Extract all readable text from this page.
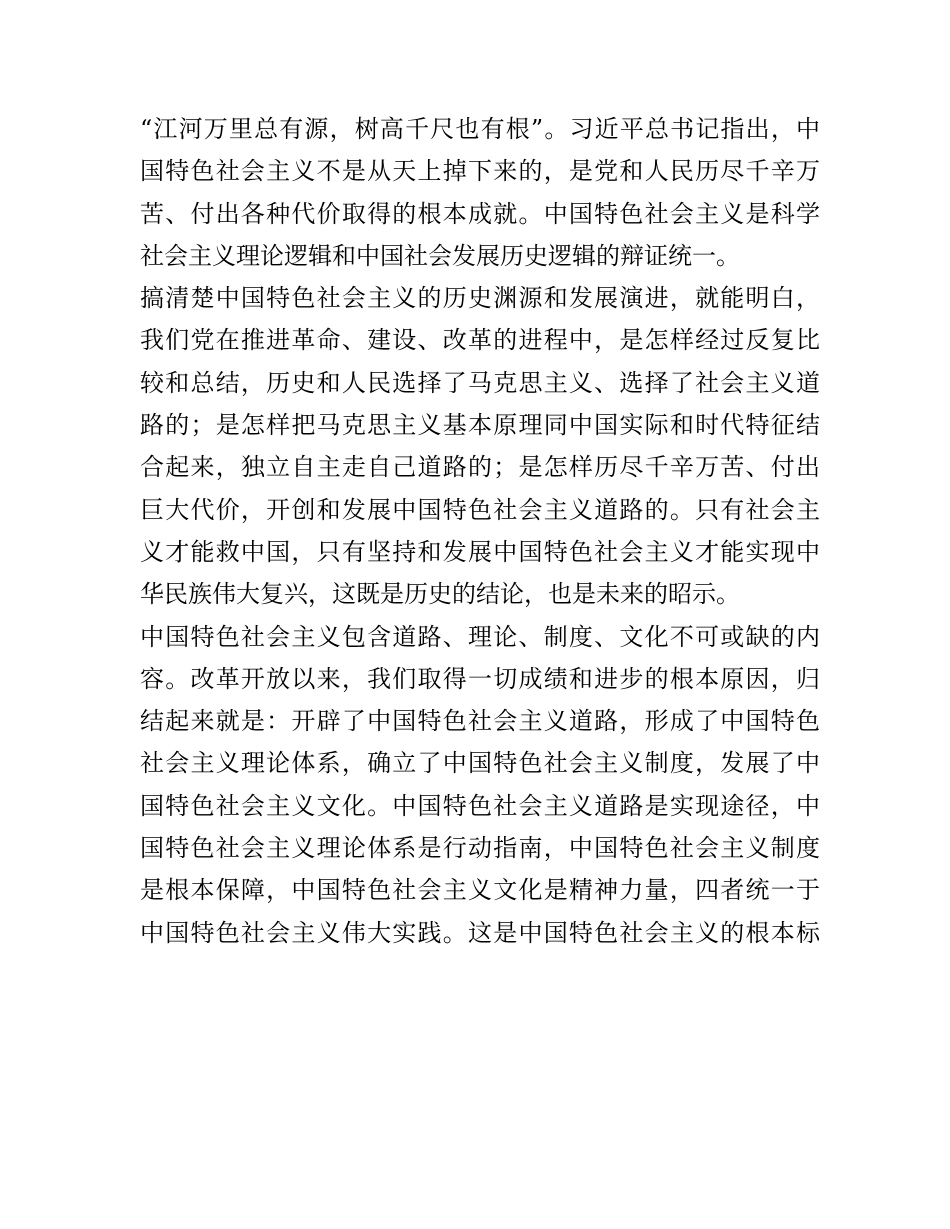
“江河万里总有源，树高千尺也有根”。习近平总书记指出，中
国特色社会主义不是从天上掉下来的，是党和人民历尽千辛万
苦、付出各种代价取得的根本成就。中国特色社会主义是科学
社会主义理论逻辑和中国社会发展历史逻辑的辩证统一。
搞清楚中国特色社会主义的历史渊源和发展演进，就能明白，
我们党在推进革命、建设、改革的进程中，是怎样经过反复比
较和总结，历史和人民选择了马克思主义、选择了社会主义道
路的；是怎样把马克思主义基本原理同中国实际和时代特征结
合起来，独立自主走自己道路的；是怎样历尽千辛万苦、付出
巨大代价，开创和发展中国特色社会主义道路的。只有社会主
义才能救中国，只有坚持和发展中国特色社会主义才能实现中
华民族伟大复兴，这既是历史的结论，也是未来的昭示。
中国特色社会主义包含道路、理论、制度、文化不可或缺的内
容。改革开放以来，我们取得一切成绩和进步的根本原因，归
结起来就是：开辟了中国特色社会主义道路，形成了中国特色
社会主义理论体系，确立了中国特色社会主义制度，发展了中
国特色社会主义文化。中国特色社会主义道路是实现途径，中
国特色社会主义理论体系是行动指南，中国特色社会主义制度
是根本保障，中国特色社会主义文化是精神力量，四者统一于
中国特色社会主义伟大实践。这是中国特色社会主义的根本标
